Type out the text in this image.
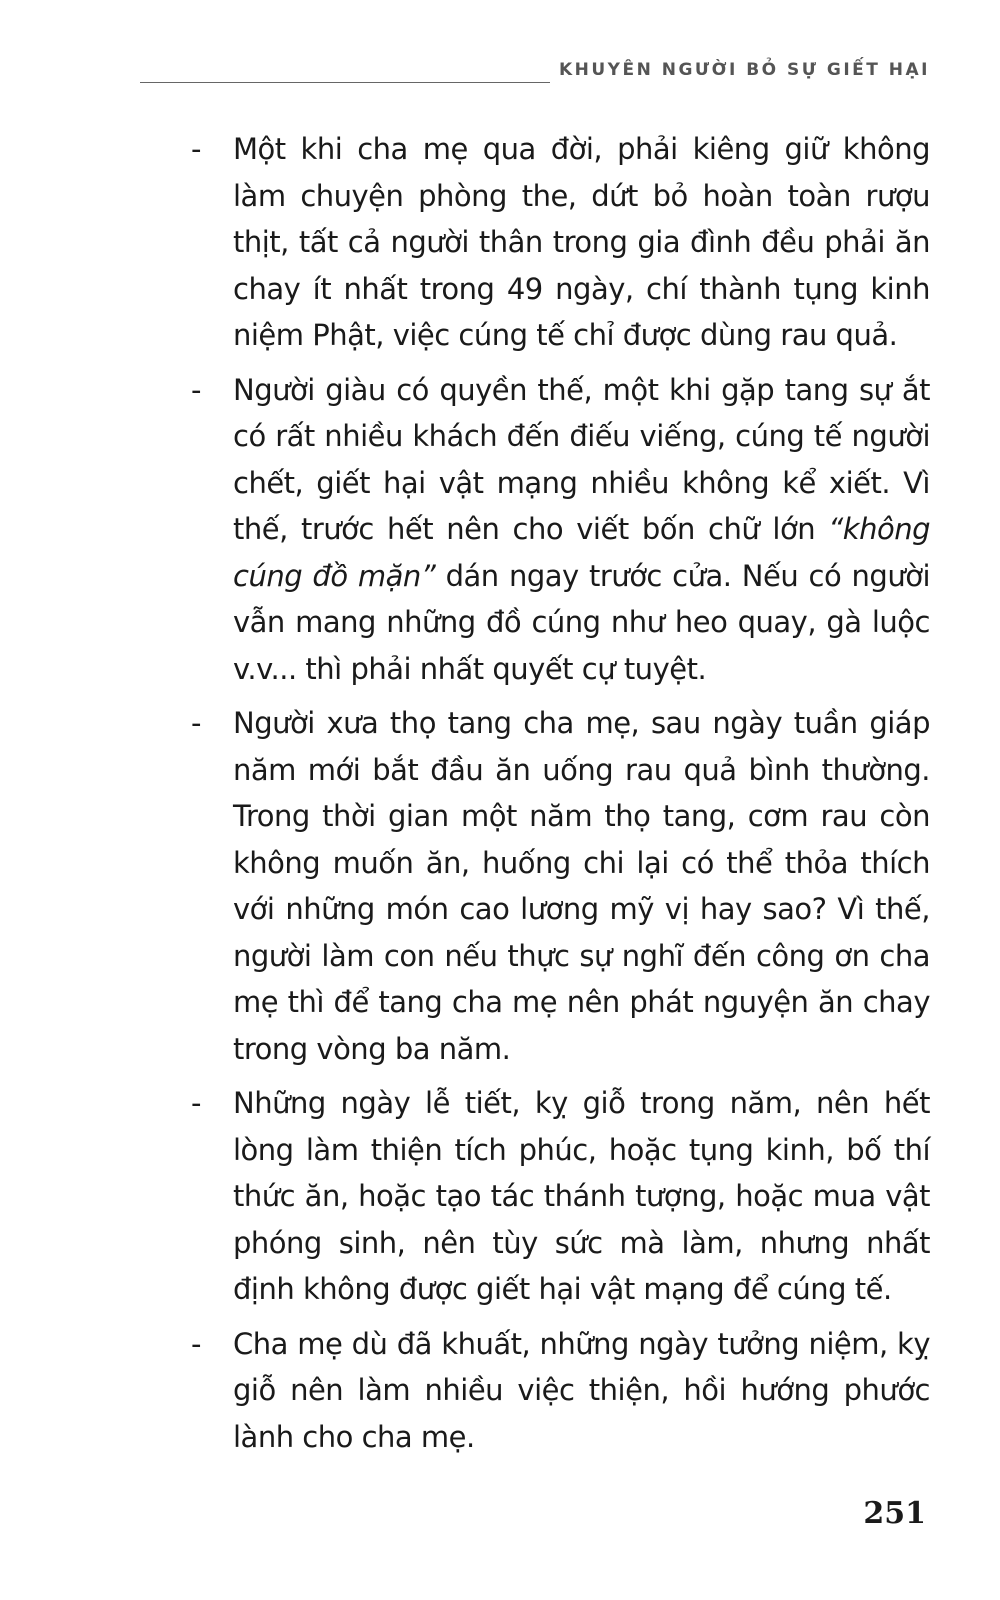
KHUYÊN NGƯỜI BỎ SỰ GIẾT HẠI
- Một khi cha mẹ qua đời, phải kiêng giữ không làm chuyện phòng the, dứt bỏ hoàn toàn rượu thịt, tất cả người thân trong gia đình đều phải ăn chay ít nhất trong 49 ngày, chí thành tụng kinh niệm Phật, việc cúng tế chỉ được dùng rau quả.
- Người giàu có quyền thế, một khi gặp tang sự ắt có rất nhiều khách đến điếu viếng, cúng tế người chết, giết hại vật mạng nhiều không kể xiết. Vì thế, trước hết nên cho viết bốn chữ lớn “không cúng đồ mặn” dán ngay trước cửa. Nếu có người vẫn mang những đồ cúng như heo quay, gà luộc v.v... thì phải nhất quyết cự tuyệt.
- Người xưa thọ tang cha mẹ, sau ngày tuần giáp năm mới bắt đầu ăn uống rau quả bình thường. Trong thời gian một năm thọ tang, cơm rau còn không muốn ăn, huống chi lại có thể thỏa thích với những món cao lương mỹ vị hay sao? Vì thế, người làm con nếu thực sự nghĩ đến công ơn cha mẹ thì để tang cha mẹ nên phát nguyện ăn chay trong vòng ba năm.
- Những ngày lễ tiết, kỵ giỗ trong năm, nên hết lòng làm thiện tích phúc, hoặc tụng kinh, bố thí thức ăn, hoặc tạo tác thánh tượng, hoặc mua vật phóng sinh, nên tùy sức mà làm, nhưng nhất định không được giết hại vật mạng để cúng tế.
- Cha mẹ dù đã khuất, những ngày tưởng niệm, kỵ giỗ nên làm nhiều việc thiện, hồi hướng phước lành cho cha mẹ.
251
